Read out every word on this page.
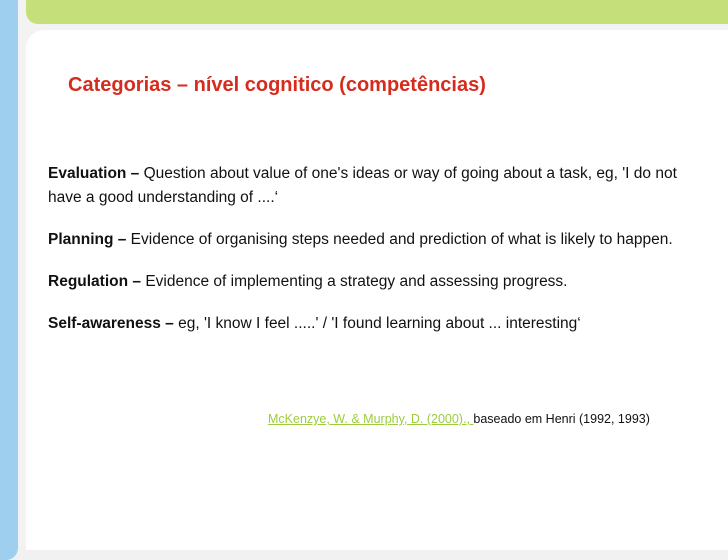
Categorias – nível cognitico (competências)

Evaluation – Question about value of one's ideas or way of going about a task, eg, 'I do not have a good understanding of ....‘

Planning – Evidence of organising steps needed and prediction of what is likely to happen.

Regulation – Evidence of implementing a strategy and assessing progress.

Self-awareness – eg, 'I know I feel .....' / 'I found learning about ... interesting‘

McKenzye, W. & Murphy, D. (2000)., baseado em Henri (1992, 1993)
